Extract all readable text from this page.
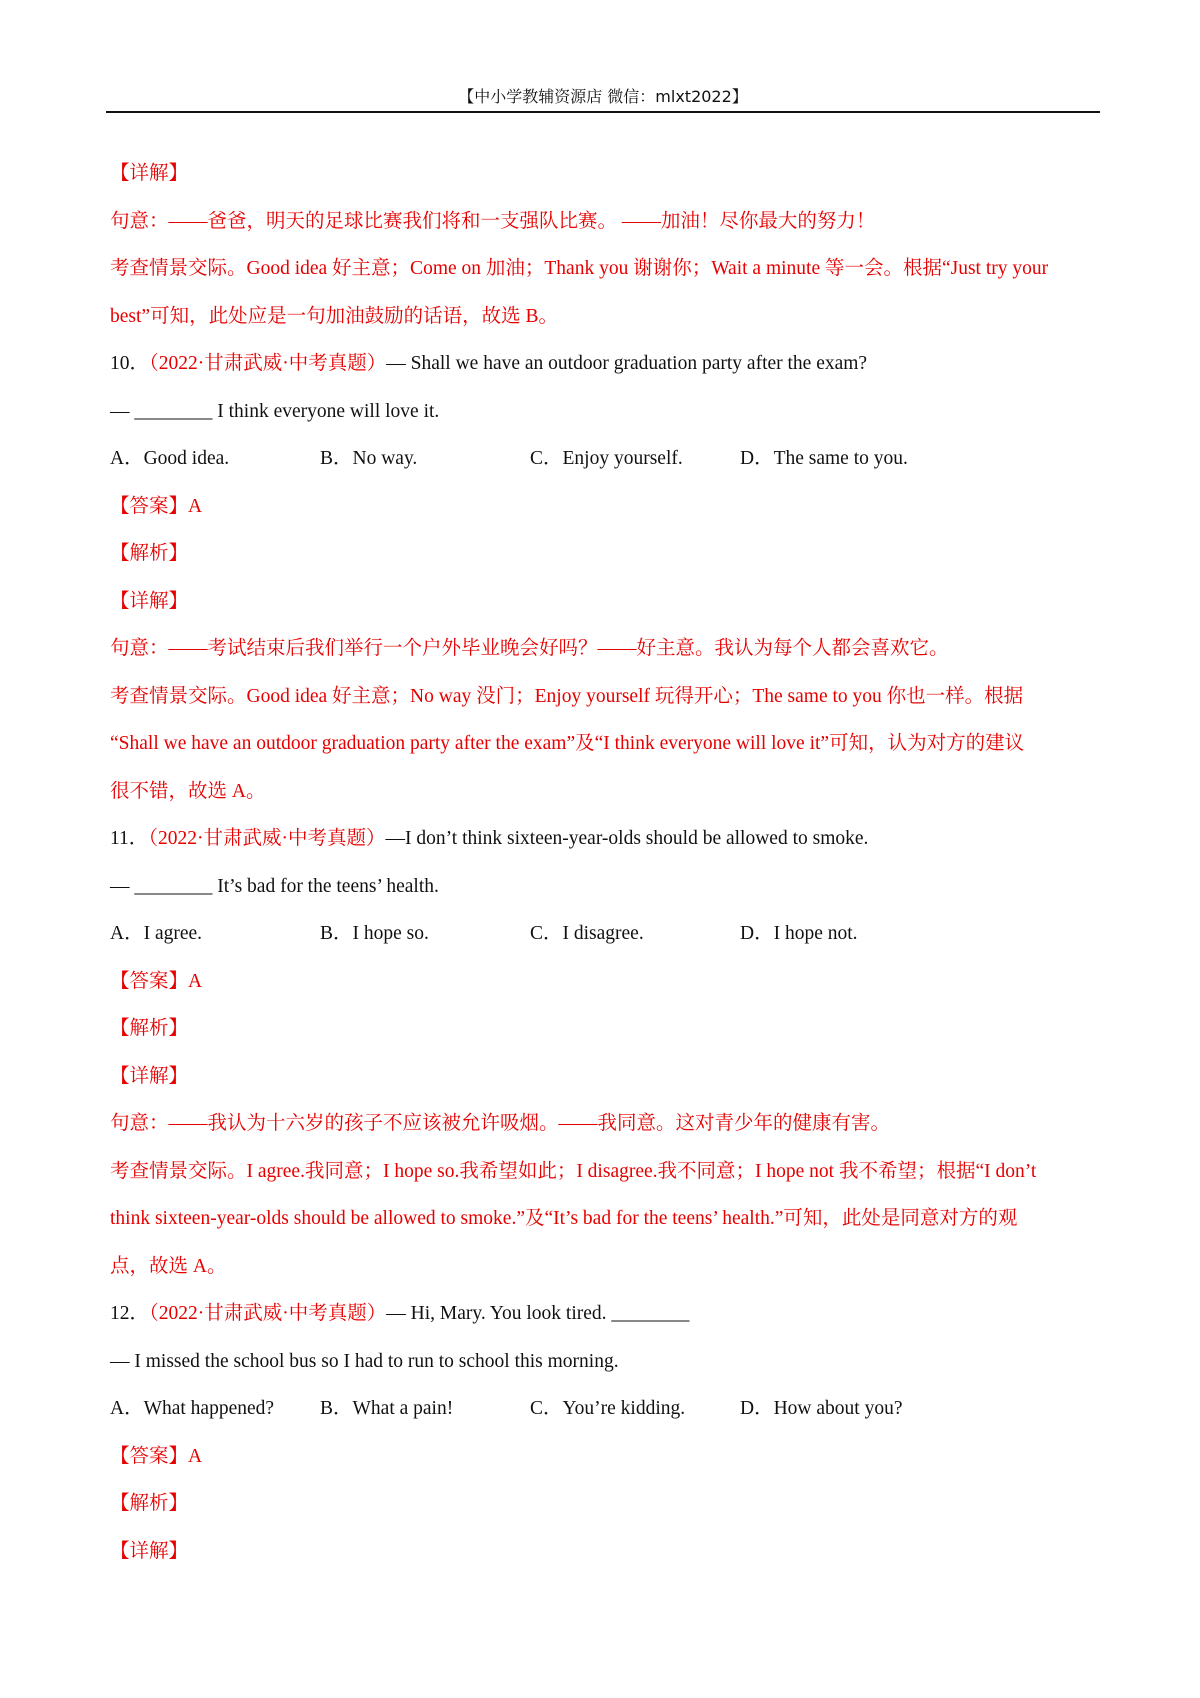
【中小学教辅资源店 微信：mlxt2022】
【详解】
句意：——爸爸，明天的足球比赛我们将和一支强队比赛。 ——加油！尽你最大的努力！
考查情景交际。Good idea 好主意；Come on 加油；Thank you 谢谢你；Wait a minute 等一会。根据“Just try your
best”可知，此处应是一句加油鼓励的话语，故选 B。
10．（2022·甘肃武威·中考真题）— Shall we have an outdoor graduation party after the exam?
— ________ I think everyone will love it.
A．Good idea.	B．No way.	C．Enjoy yourself.	D．The same to you.
【答案】A
【解析】
【详解】
句意：——考试结束后我们举行一个户外毕业晚会好吗？——好主意。我认为每个人都会喜欢它。
考查情景交际。Good idea 好主意；No way 没门；Enjoy yourself 玩得开心；The same to you 你也一样。根据
“Shall we have an outdoor graduation party after the exam”及“I think everyone will love it”可知，认为对方的建议
很不错，故选 A。
11．（2022·甘肃武威·中考真题）—I don’t think sixteen-year-olds should be allowed to smoke.
— ________ It’s bad for the teens’ health.
A．I agree.	B．I hope so.	C．I disagree.	D．I hope not.
【答案】A
【解析】
【详解】
句意：——我认为十六岁的孩子不应该被允许吸烟。——我同意。这对青少年的健康有害。
考查情景交际。I agree.我同意；I hope so.我希望如此；I disagree.我不同意；I hope not 我不希望；根据“I don’t
think sixteen-year-olds should be allowed to smoke.”及“It’s bad for the teens’ health.”可知，此处是同意对方的观
点，故选 A。
12．（2022·甘肃武威·中考真题）— Hi, Mary. You look tired. ________
— I missed the school bus so I had to run to school this morning.
A．What happened?	B．What a pain!	C．You’re kidding.	D．How about you?
【答案】A
【解析】
【详解】
